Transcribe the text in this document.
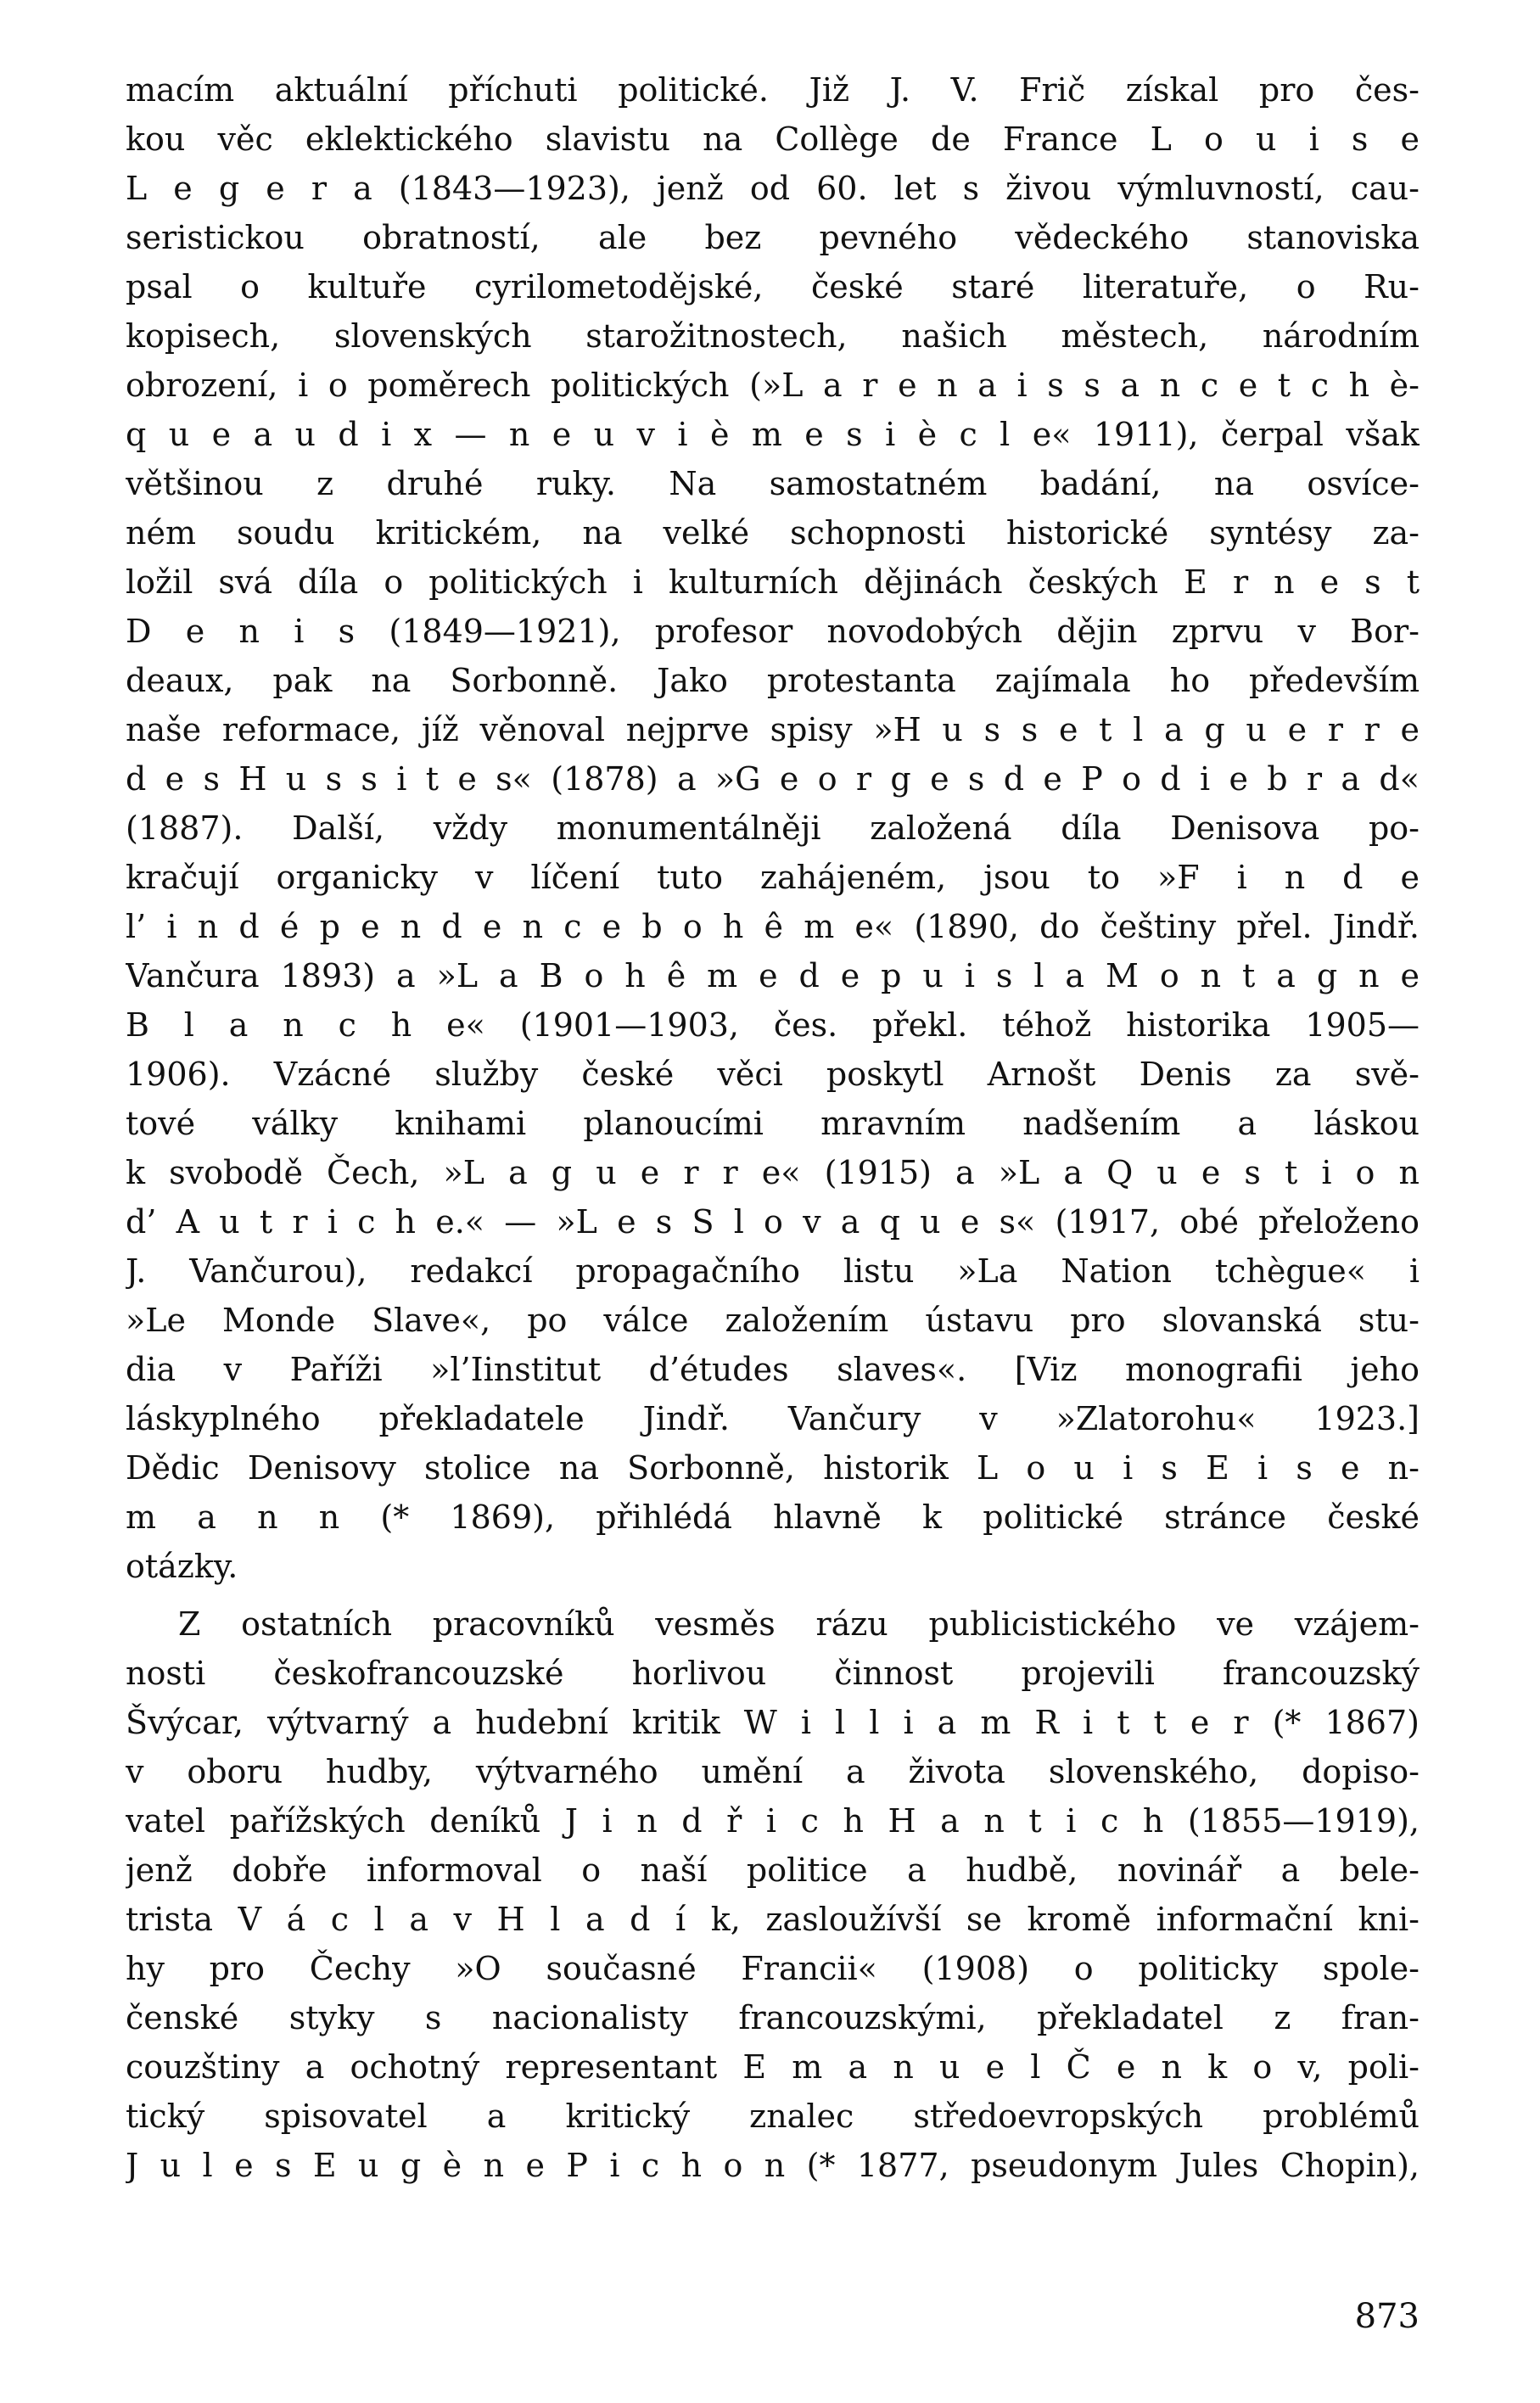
macím aktuální příchuti politické. Již J. V. Frič získal pro čes-
kou věc eklektického slavistu na Collège de France L o u i s e
L e g e r a (1843—1923), jenž od 60. let s živou výmluvností, cau-
seristickou obratností, ale bez pevného vědeckého stanoviska
psal o kultuře cyrilometodějské, české staré literatuře, o Ru-
kopisech, slovenských starožitnostech, našich městech, národním
obrození, i o poměrech politických (»L a r e n a i s s a n c e t c h è-
q u e a u d i x — n e u v i è m e s i è c l e« 1911), čerpal však
většinou z druhé ruky. Na samostatném badání, na osvíce-
ném soudu kritickém, na velké schopnosti historické syntésy za-
ložil svá díla o politických i kulturních dějinách českých E r n e s t
D e n i s (1849—1921), profesor novodobých dějin zprvu v Bor-
deaux, pak na Sorbonně. Jako protestanta zajímala ho především
naše reformace, jíž věnoval nejprve spisy »H u s s e t l a g u e r r e
d e s H u s s i t e s« (1878) a »G e o r g e s d e P o d i e b r a d«
(1887). Další, vždy monumentálněji založená díla Denisova po-
kračují organicky v líčení tuto zahájeném, jsou to »F i n d e
l’ i n d é p e n d e n c e b o h ê m e« (1890, do češtiny přel. Jindř.
Vančura 1893) a »L a B o h ê m e d e p u i s l a M o n t a g n e
B l a n c h e« (1901—1903, čes. překl. téhož historika 1905—
1906). Vzácné služby české věci poskytl Arnošt Denis za svě-
tové války knihami planoucími mravním nadšením a láskou
k svobodě Čech, »L a g u e r r e« (1915) a »L a Q u e s t i o n
d’ A u t r i c h e.« — »L e s S l o v a q u e s« (1917, obé přeloženo
J. Vančurou), redakcí propagačního listu »La Nation tchègue« i
»Le Monde Slave«, po válce založením ústavu pro slovanská stu-
dia v Paříži »l’Iinstitut d’études slaves«. [Viz monografii jeho
láskyplného překladatele Jindř. Vančury v »Zlatorohu« 1923.]
Dědic Denisovy stolice na Sorbonně, historik L o u i s E i s e n-
m a n n (* 1869), přihlédá hlavně k politické stránce české
otázky.
Z ostatních pracovníků vesměs rázu publicistického ve vzájem-
nosti českofrancouzské horlivou činnost projevili francouzský
Švýcar, výtvarný a hudební kritik W i l l i a m R i t t e r (* 1867)
v oboru hudby, výtvarného umění a života slovenského, dopiso-
vatel pařížských deníků J i n d ř i c h H a n t i c h (1855—1919),
jenž dobře informoval o naší politice a hudbě, novinář a bele-
trista V á c l a v H l a d í k, zasloužívší se kromě informační kni-
hy pro Čechy »O současné Francii« (1908) o politicky spole-
čenské styky s nacionalisty francouzskými, překladatel z fran-
couzštiny a ochotný representant E m a n u e l Č e n k o v, poli-
tický spisovatel a kritický znalec středoevropských problémů
J u l e s E u g è n e P i c h o n (* 1877, pseudonym Jules Chopin),
873
